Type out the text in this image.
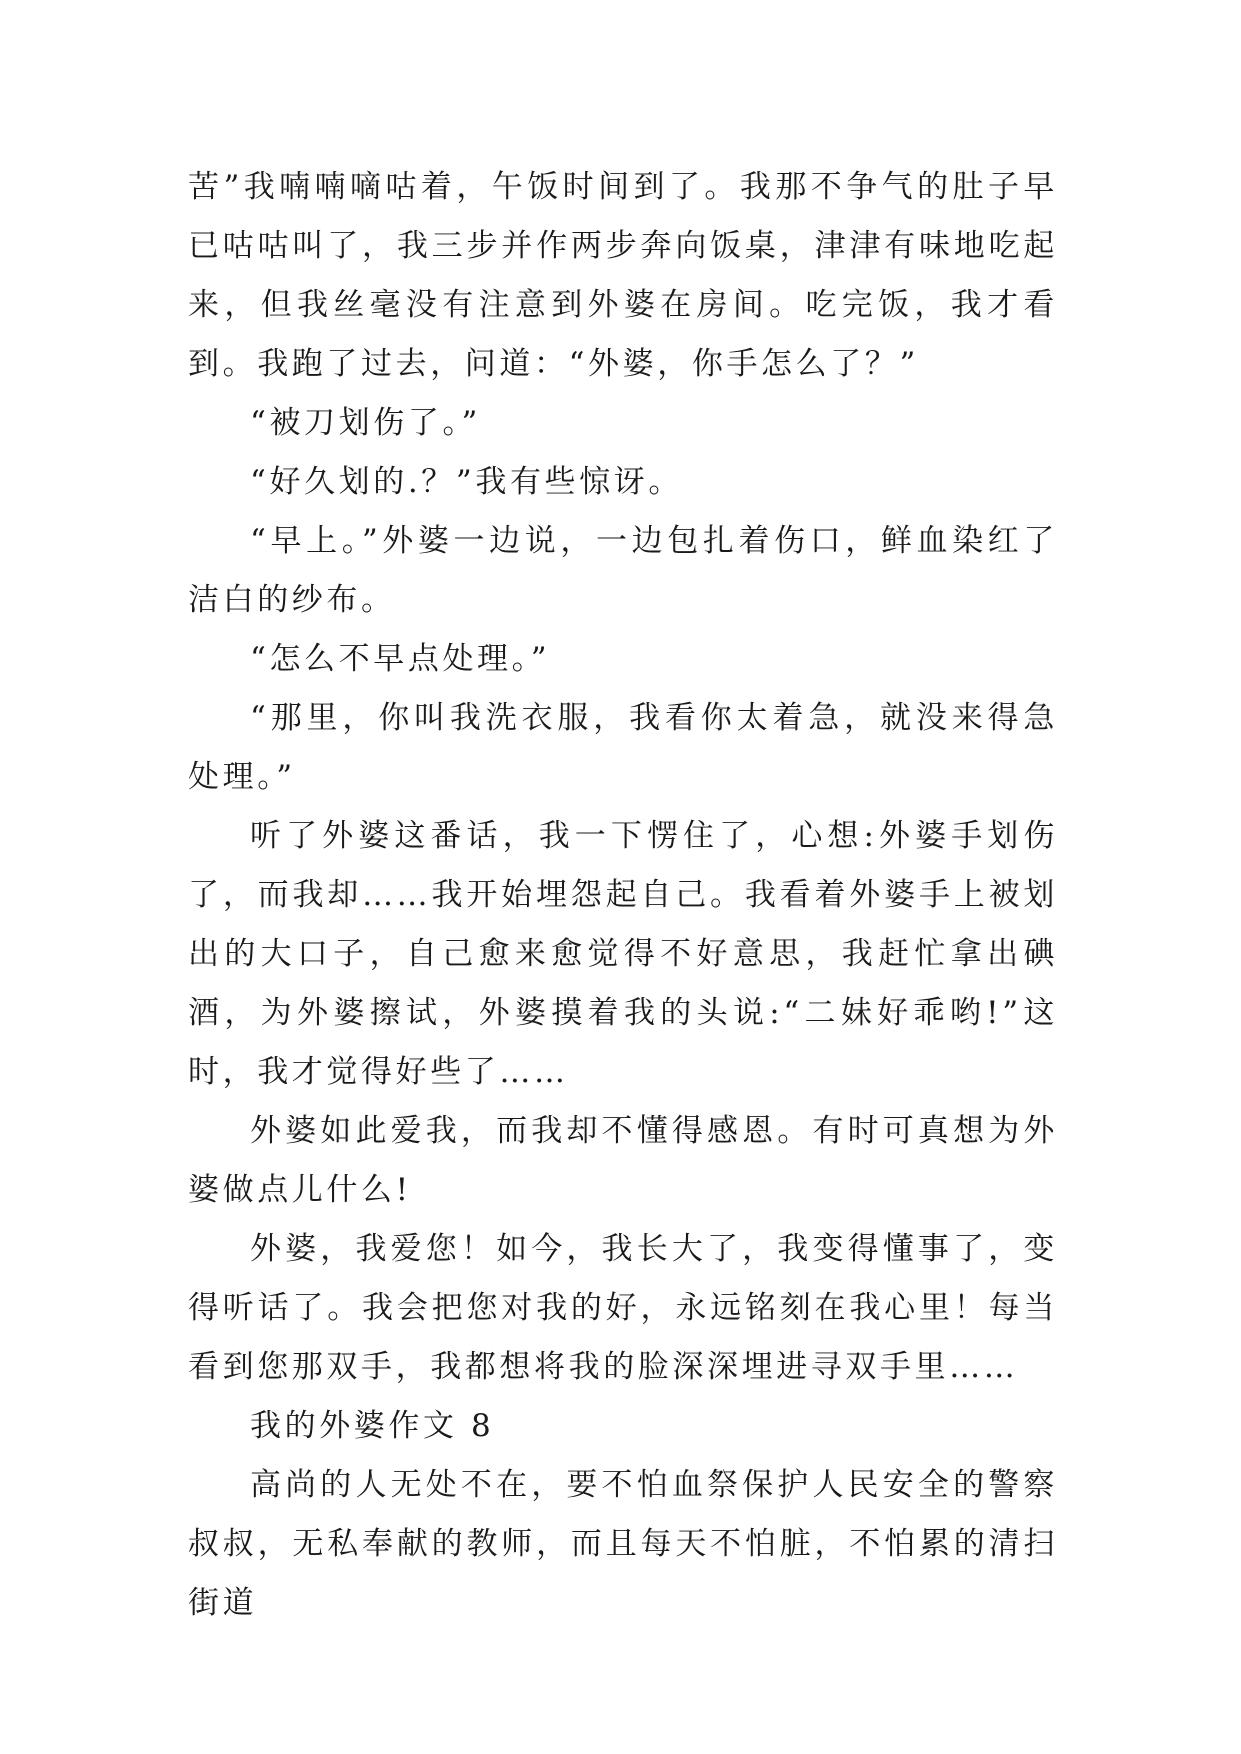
苦”我喃喃嘀咕着，午饭时间到了。我那不争气的肚子早已咕咕叫了，我三步并作两步奔向饭桌，津津有味地吃起来，但我丝毫没有注意到外婆在房间。吃完饭，我才看到。我跑了过去，问道：“外婆，你手怎么了？”

“被刀划伤了。”

“好久划的.？”我有些惊讶。

“早上。”外婆一边说，一边包扎着伤口，鲜血染红了洁白的纱布。

“怎么不早点处理。”

“那里，你叫我洗衣服，我看你太着急，就没来得急处理。”

听了外婆这番话，我一下愣住了，心想:外婆手划伤了，而我却……我开始埋怨起自己。我看着外婆手上被划出的大口子，自己愈来愈觉得不好意思，我赶忙拿出碘酒，为外婆擦试，外婆摸着我的头说:“二妹好乖哟!”这时，我才觉得好些了……

外婆如此爱我，而我却不懂得感恩。有时可真想为外婆做点儿什么!

外婆，我爱您！如今，我长大了，我变得懂事了，变得听话了。我会把您对我的好，永远铭刻在我心里！每当看到您那双手，我都想将我的脸深深埋进寻双手里……

我的外婆作文 8

高尚的人无处不在，要不怕血祭保护人民安全的警察叔叔，无私奉献的教师，而且每天不怕脏，不怕累的清扫街道
